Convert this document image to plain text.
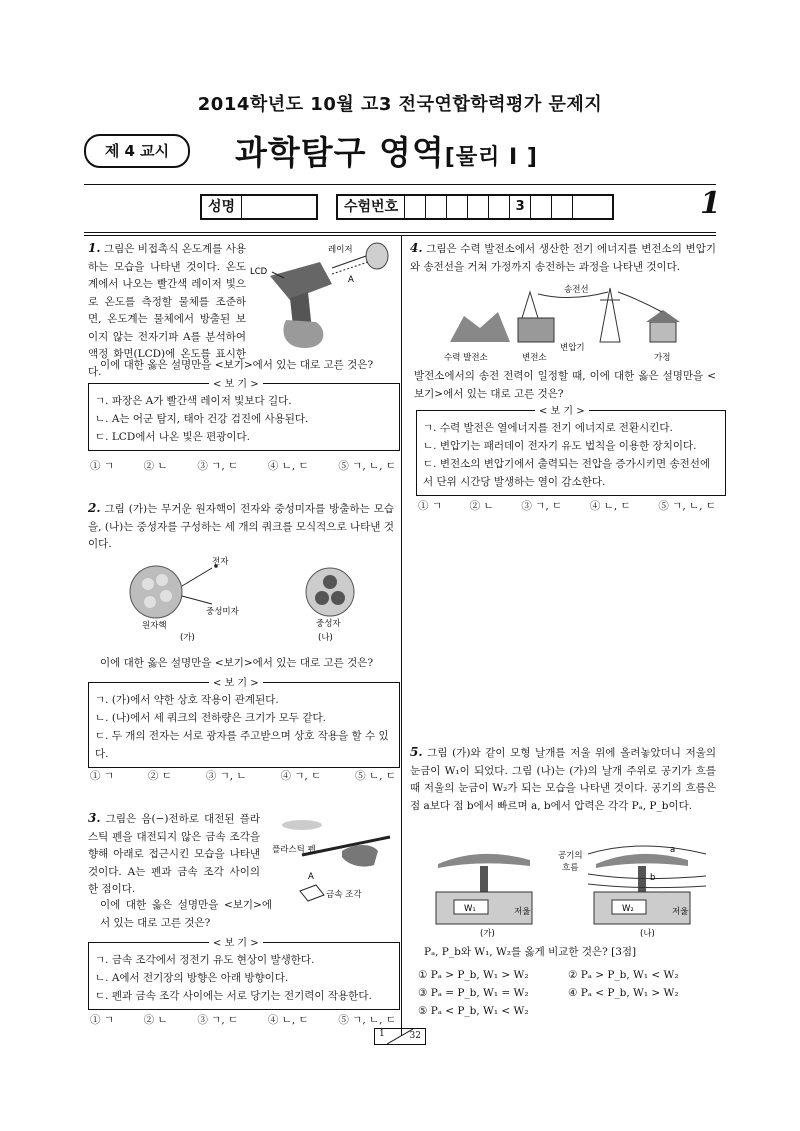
2014학년도 10월 고3 전국연합학력평가 문제지
제 4 교시	과학탐구 영역[물리 I ]
성명	수험번호	3	1
1. 그림은 비접촉식 온도계를 사용하는 모습을 나타낸 것이다. 온도계에서 나오는 빨간색 레이저 빛으로 온도를 측정할 물체를 조준하면, 온도계는 물체에서 방출된 보이지 않는 전자기파 A를 분석하여 액정 화면(LCD)에 온도를 표시한다.
레이저
LCD
A
이에 대한 옳은 설명만을 <보기>에서 있는 대로 고른 것은?
< 보 기 >
ㄱ. 파장은 A가 빨간색 레이저 빛보다 길다.
ㄴ. A는 어군 탐지, 태아 건강 검진에 사용된다.
ㄷ. LCD에서 나온 빛은 편광이다.
① ㄱ	② ㄴ	③ ㄱ, ㄷ	④ ㄴ, ㄷ	⑤ ㄱ, ㄴ, ㄷ
2. 그림 (가)는 무거운 원자핵이 전자와 중성미자를 방출하는 모습을, (나)는 중성자를 구성하는 세 개의 쿼크를 모식적으로 나타낸 것이다.
전자
중성미자
원자핵	중성자
(가)	(나)
이에 대한 옳은 설명만을 <보기>에서 있는 대로 고른 것은?
< 보 기 >
ㄱ. (가)에서 약한 상호 작용이 관계된다.
ㄴ. (나)에서 세 쿼크의 전하량은 크기가 모두 같다.
ㄷ. 두 개의 전자는 서로 광자를 주고받으며 상호 작용을 할 수 있다.
① ㄱ	② ㄷ	③ ㄱ, ㄴ	④ ㄱ, ㄷ	⑤ ㄴ, ㄷ
3. 그림은 음(−)전하로 대전된 플라스틱 펜을 대전되지 않은 금속 조각을 향해 아래로 접근시킨 모습을 나타낸 것이다. A는 펜과 금속 조각 사이의 한 점이다.
플라스틱 펜
A
금속 조각
이에 대한 옳은 설명만을 <보기>에서 있는 대로 고른 것은?
< 보 기 >
ㄱ. 금속 조각에서 정전기 유도 현상이 발생한다.
ㄴ. A에서 전기장의 방향은 아래 방향이다.
ㄷ. 펜과 금속 조각 사이에는 서로 당기는 전기력이 작용한다.
① ㄱ	② ㄴ	③ ㄱ, ㄷ	④ ㄴ, ㄷ	⑤ ㄱ, ㄴ, ㄷ
4. 그림은 수력 발전소에서 생산한 전기 에너지를 변전소의 변압기와 송전선을 거쳐 가정까지 송전하는 과정을 나타낸 것이다.
송전선
변압기
수력 발전소	변전소	가정
발전소에서의 송전 전력이 일정할 때, 이에 대한 옳은 설명만을 <보기>에서 있는 대로 고른 것은?
< 보 기 >
ㄱ. 수력 발전은 열에너지를 전기 에너지로 전환시킨다.
ㄴ. 변압기는 패러데이 전자기 유도 법칙을 이용한 장치이다.
ㄷ. 변전소의 변압기에서 출력되는 전압을 증가시키면 송전선에서 단위 시간당 발생하는 열이 감소한다.
① ㄱ	② ㄴ	③ ㄱ, ㄷ	④ ㄴ, ㄷ	⑤ ㄱ, ㄴ, ㄷ
5. 그림 (가)와 같이 모형 날개를 저울 위에 올려놓았더니 저울의 눈금이 W₁이 되었다. 그림 (나)는 (가)의 날개 주위로 공기가 흐를 때 저울의 눈금이 W₂가 되는 모습을 나타낸 것이다. 공기의 흐름은 점 a보다 점 b에서 빠르며 a, b에서 압력은 각각 Pₐ, P_b이다.
공기의
흐름
a
b
W₁	W₂
저울	저울
(가)	(나)
Pₐ, P_b와 W₁, W₂를 옳게 비교한 것은? [3점]
① Pₐ > P_b, W₁ > W₂	② Pₐ > P_b, W₁ < W₂
③ Pₐ = P_b, W₁ = W₂	④ Pₐ < P_b, W₁ > W₂
⑤ Pₐ < P_b, W₁ < W₂
1	32
